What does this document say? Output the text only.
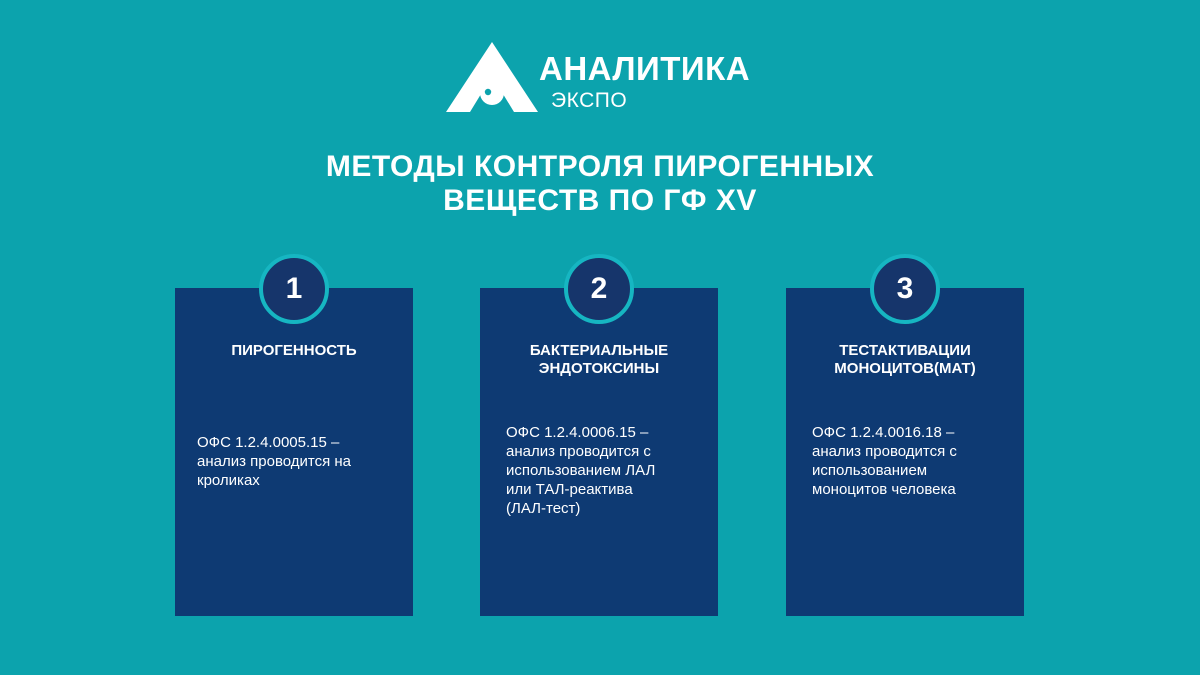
АНАЛИТИКА
ЭКСПО
МЕТОДЫ КОНТРОЛЯ ПИРОГЕННЫХ
ВЕЩЕСТВ ПО ГФ XV
1
ПИРОГЕННОСТЬ
ОФС 1.2.4.0005.15 –
анализ проводится на
кроликах
2
БАКТЕРИАЛЬНЫЕ
ЭНДОТОКСИНЫ
ОФС 1.2.4.0006.15 –
анализ проводится с
использованием ЛАЛ
или ТАЛ-реактива
(ЛАЛ-тест)
3
ТЕСТАКТИВАЦИИ
МОНОЦИТОВ(МАТ)
ОФС 1.2.4.0016.18 –
анализ проводится с
использованием
моноцитов человека
